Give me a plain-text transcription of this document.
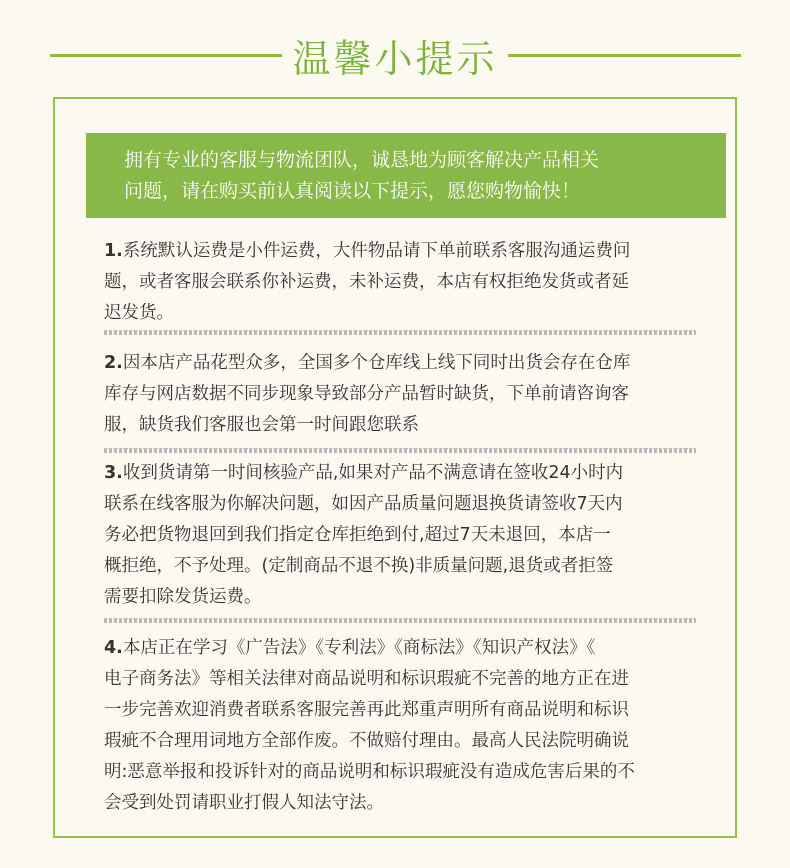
温馨小提示
拥有专业的客服与物流团队，诚恳地为顾客解决产品相关
问题，请在购买前认真阅读以下提示，愿您购物愉快！
1.系统默认运费是小件运费，大件物品请下单前联系客服沟通运费问
题，或者客服会联系你补运费，未补运费，本店有权拒绝发货或者延
迟发货。
2.因本店产品花型众多，全国多个仓库线上线下同时出货会存在仓库
库存与网店数据不同步现象导致部分产品暂时缺货，下单前请咨询客
服，缺货我们客服也会第一时间跟您联系
3.收到货请第一时间核验产品,如果对产品不满意请在签收24小时内
联系在线客服为你解决问题，如因产品质量问题退换货请签收7天内
务必把货物退回到我们指定仓库拒绝到付,超过7天未退回，本店一
概拒绝，不予处理。(定制商品不退不换)非质量问题,退货或者拒签
需要扣除发货运费。
4.本店正在学习《广告法》《专利法》《商标法》《知识产权法》《
电子商务法》等相关法律对商品说明和标识瑕疵不完善的地方正在进
一步完善欢迎消费者联系客服完善再此郑重声明所有商品说明和标识
瑕疵不合理用词地方全部作废。不做赔付理由。最高人民法院明确说
明:恶意举报和投诉针对的商品说明和标识瑕疵没有造成危害后果的不
会受到处罚请职业打假人知法守法。
